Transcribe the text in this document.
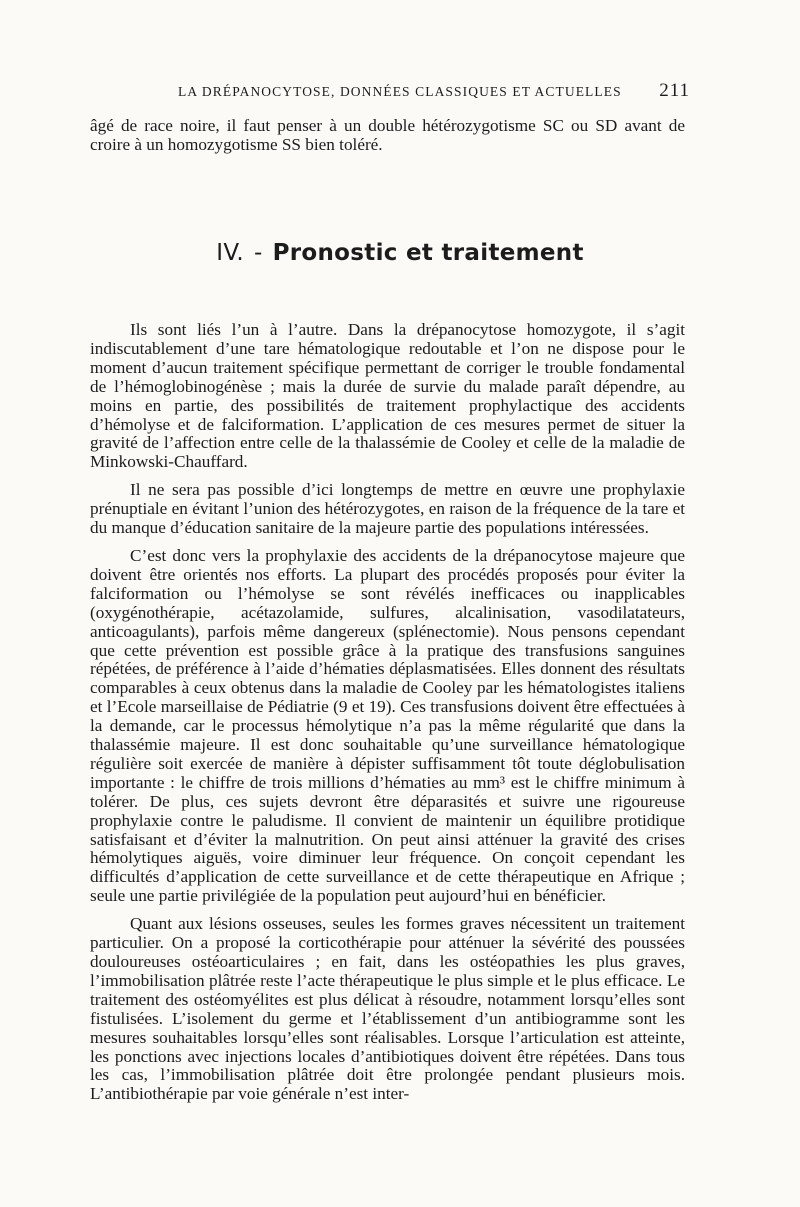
LA DRÉPANOCYTOSE, DONNÉES CLASSIQUES ET ACTUELLES 211

âgé de race noire, il faut penser à un double hétérozygotisme SC ou SD avant de croire à un homozygotisme SS bien toléré.

IV. - Pronostic et traitement

Ils sont liés l’un à l’autre. Dans la drépanocytose homozygote, il s’agit indiscutablement d’une tare hématologique redoutable et l’on ne dispose pour le moment d’aucun traitement spécifique permettant de corriger le trouble fondamental de l’hémoglobinogénèse ; mais la durée de survie du malade paraît dépendre, au moins en partie, des possibilités de traitement prophylactique des accidents d’hémolyse et de falciformation. L’application de ces mesures permet de situer la gravité de l’affection entre celle de la thalassémie de Cooley et celle de la maladie de Minkowski-Chauffard.

Il ne sera pas possible d’ici longtemps de mettre en œuvre une prophylaxie prénuptiale en évitant l’union des hétérozygotes, en raison de la fréquence de la tare et du manque d’éducation sanitaire de la majeure partie des populations intéressées.

C’est donc vers la prophylaxie des accidents de la drépanocytose majeure que doivent être orientés nos efforts. La plupart des procédés proposés pour éviter la falciformation ou l’hémolyse se sont révélés inefficaces ou inapplicables (oxygénothérapie, acétazolamide, sulfures, alcalinisation, vasodilatateurs, anticoagulants), parfois même dangereux (splénectomie). Nous pensons cependant que cette prévention est possible grâce à la pratique des transfusions sanguines répétées, de préférence à l’aide d’hématies déplasmatisées. Elles donnent des résultats comparables à ceux obtenus dans la maladie de Cooley par les hématologistes italiens et l’Ecole marseillaise de Pédiatrie (9 et 19). Ces transfusions doivent être effectuées à la demande, car le processus hémolytique n’a pas la même régularité que dans la thalassémie majeure. Il est donc souhaitable qu’une surveillance hématologique régulière soit exercée de manière à dépister suffisamment tôt toute déglobulisation importante : le chiffre de trois millions d’hématies au mm³ est le chiffre minimum à tolérer. De plus, ces sujets devront être déparasités et suivre une rigoureuse prophylaxie contre le paludisme. Il convient de maintenir un équilibre protidique satisfaisant et d’éviter la malnutrition. On peut ainsi atténuer la gravité des crises hémolytiques aiguës, voire diminuer leur fréquence. On conçoit cependant les difficultés d’application de cette surveillance et de cette thérapeutique en Afrique ; seule une partie privilégiée de la population peut aujourd’hui en bénéficier.

Quant aux lésions osseuses, seules les formes graves nécessitent un traitement particulier. On a proposé la corticothérapie pour atténuer la sévérité des poussées douloureuses ostéoarticulaires ; en fait, dans les ostéopathies les plus graves, l’immobilisation plâtrée reste l’acte thérapeutique le plus simple et le plus efficace. Le traitement des ostéomyélites est plus délicat à résoudre, notamment lorsqu’elles sont fistulisées. L’isolement du germe et l’établissement d’un antibiogramme sont les mesures souhaitables lorsqu’elles sont réalisables. Lorsque l’articulation est atteinte, les ponctions avec injections locales d’antibiotiques doivent être répétées. Dans tous les cas, l’immobilisation plâtrée doit être prolongée pendant plusieurs mois. L’antibiothérapie par voie générale n’est inter-
